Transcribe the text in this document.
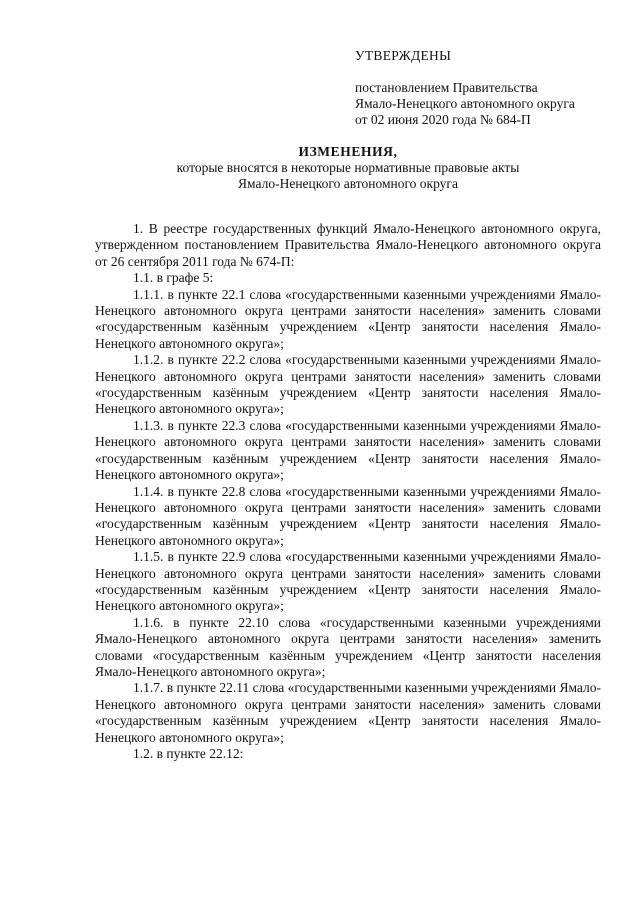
УТВЕРЖДЕНЫ
постановлением Правительства
Ямало-Ненецкого автономного округа
от 02 июня 2020 года № 684-П
ИЗМЕНЕНИЯ,
которые вносятся в некоторые нормативные правовые акты
Ямало-Ненецкого автономного округа

1. В реестре государственных функций Ямало-Ненецкого автономного округа, утвержденном постановлением Правительства Ямало-Ненецкого автономного округа от 26 сентября 2011 года № 674-П:

1.1. в графе 5:

1.1.1. в пункте 22.1 слова «государственными казенными учреждениями Ямало-Ненецкого автономного округа центрами занятости населения» заменить словами «государственным казённым учреждением «Центр занятости населения Ямало-Ненецкого автономного округа»;

1.1.2. в пункте 22.2 слова «государственными казенными учреждениями Ямало-Ненецкого автономного округа центрами занятости населения» заменить словами «государственным казённым учреждением «Центр занятости населения Ямало-Ненецкого автономного округа»;

1.1.3. в пункте 22.3 слова «государственными казенными учреждениями Ямало-Ненецкого автономного округа центрами занятости населения» заменить словами «государственным казённым учреждением «Центр занятости населения Ямало-Ненецкого автономного округа»;

1.1.4. в пункте 22.8 слова «государственными казенными учреждениями Ямало-Ненецкого автономного округа центрами занятости населения» заменить словами «государственным казённым учреждением «Центр занятости населения Ямало-Ненецкого автономного округа»;

1.1.5. в пункте 22.9 слова «государственными казенными учреждениями Ямало-Ненецкого автономного округа центрами занятости населения» заменить словами «государственным казённым учреждением «Центр занятости населения Ямало-Ненецкого автономного округа»;

1.1.6. в пункте 22.10 слова «государственными казенными учреждениями Ямало-Ненецкого автономного округа центрами занятости населения» заменить словами «государственным казённым учреждением «Центр занятости населения Ямало-Ненецкого автономного округа»;

1.1.7. в пункте 22.11 слова «государственными казенными учреждениями Ямало-Ненецкого автономного округа центрами занятости населения» заменить словами «государственным казённым учреждением «Центр занятости населения Ямало-Ненецкого автономного округа»;

1.2. в пункте 22.12:
